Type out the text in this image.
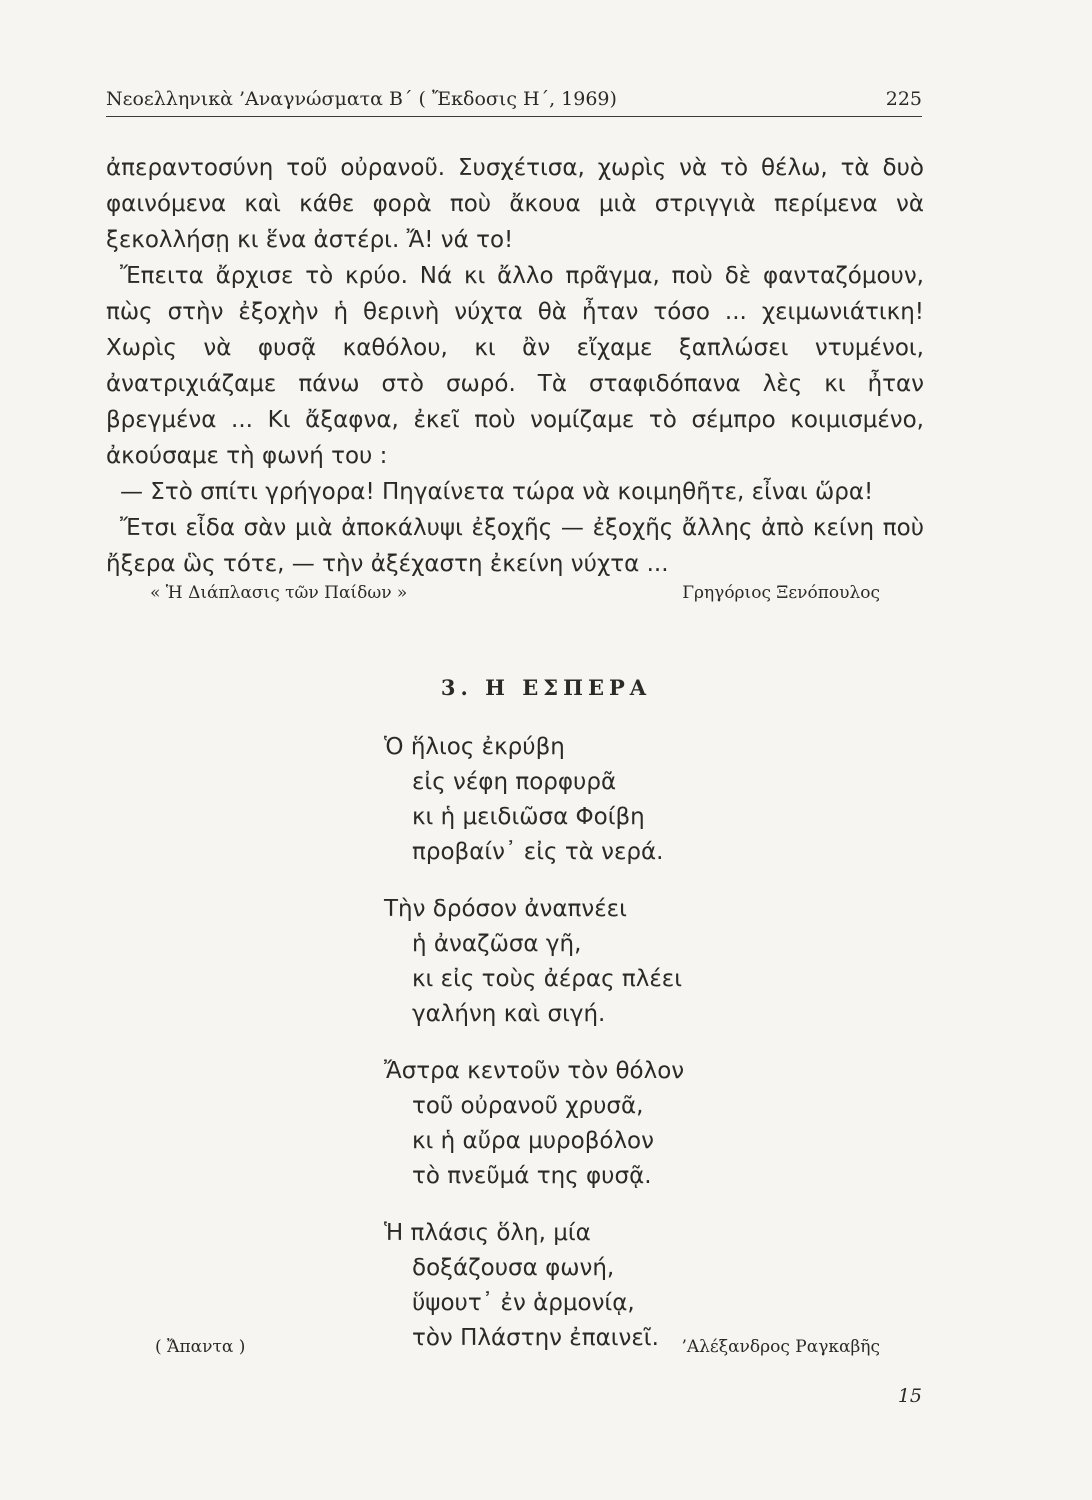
Νεοελληνικὰ ’Αναγνώσματα Β΄ ( Ἔκδοσις Η΄, 1969)	225

ἀπεραντοσύνη τοῦ οὐρανοῦ. Συσχέτισα, χωρὶς νὰ τὸ θέλω, τὰ δυὸ φαινόμενα καὶ κάθε φορὰ ποὺ ἄκουα μιὰ στριγγιὰ περίμενα νὰ ξεκολλήσῃ κι ἕνα ἀστέρι. Ἄ! νά το!

Ἔπειτα ἄρχισε τὸ κρύο. Νά κι ἄλλο πρᾶγμα, ποὺ δὲ φανταζόμουν, πὼς στὴν ἐξοχὴν ἡ θερινὴ νύχτα θὰ ἦταν τόσο ... χειμωνιάτικη! Χωρὶς νὰ φυσᾷ καθόλου, κι ἂν εἴχαμε ξαπλώσει ντυμένοι, ἀνατριχιάζαμε πάνω στὸ σωρό. Τὰ σταφιδόπανα λὲς κι ἦταν βρεγμένα ... Κι ἄξαφνα, ἐκεῖ ποὺ νομίζαμε τὸ σέμπρο κοιμισμένο, ἀκούσαμε τὴ φωνή του :

— Στὸ σπίτι γρήγορα! Πηγαίνετα τώρα νὰ κοιμηθῆτε, εἶναι ὥρα!

Ἔτσι εἶδα σὰν μιὰ ἀποκάλυψι ἐξοχῆς — ἐξοχῆς ἄλλης ἀπὸ κείνη ποὺ ἤξερα ὣς τότε, — τὴν ἀξέχαστη ἐκείνη νύχτα ...

« Ἡ Διάπλασις τῶν Παίδων »	Γρηγόριος Ξενόπουλος
3. Η ΕΣΠΕΡΑ
Ὁ ἥλιος ἐκρύβη
εἰς νέφη πορφυρᾶ
κι ἡ μειδιῶσα Φοίβη
προβαίν᾿ εἰς τὰ νερά.
Τὴν δρόσον ἀναπνέει
ἡ ἀναζῶσα γῆ,
κι εἰς τοὺς ἀέρας πλέει
γαλήνη καὶ σιγή.
Ἄστρα κεντοῦν τὸν θόλον
τοῦ οὐρανοῦ χρυσᾶ,
κι ἡ αὔρα μυροβόλον
τὸ πνεῦμά της φυσᾷ.
Ἡ πλάσις ὅλη, μία
δοξάζουσα φωνή,
ὕψουτ᾿ ἐν ἁρμονίᾳ,
τὸν Πλάστην ἐπαινεῖ.
( Ἄπαντα )	’Αλέξανδρος Ραγκαβῆς
15
